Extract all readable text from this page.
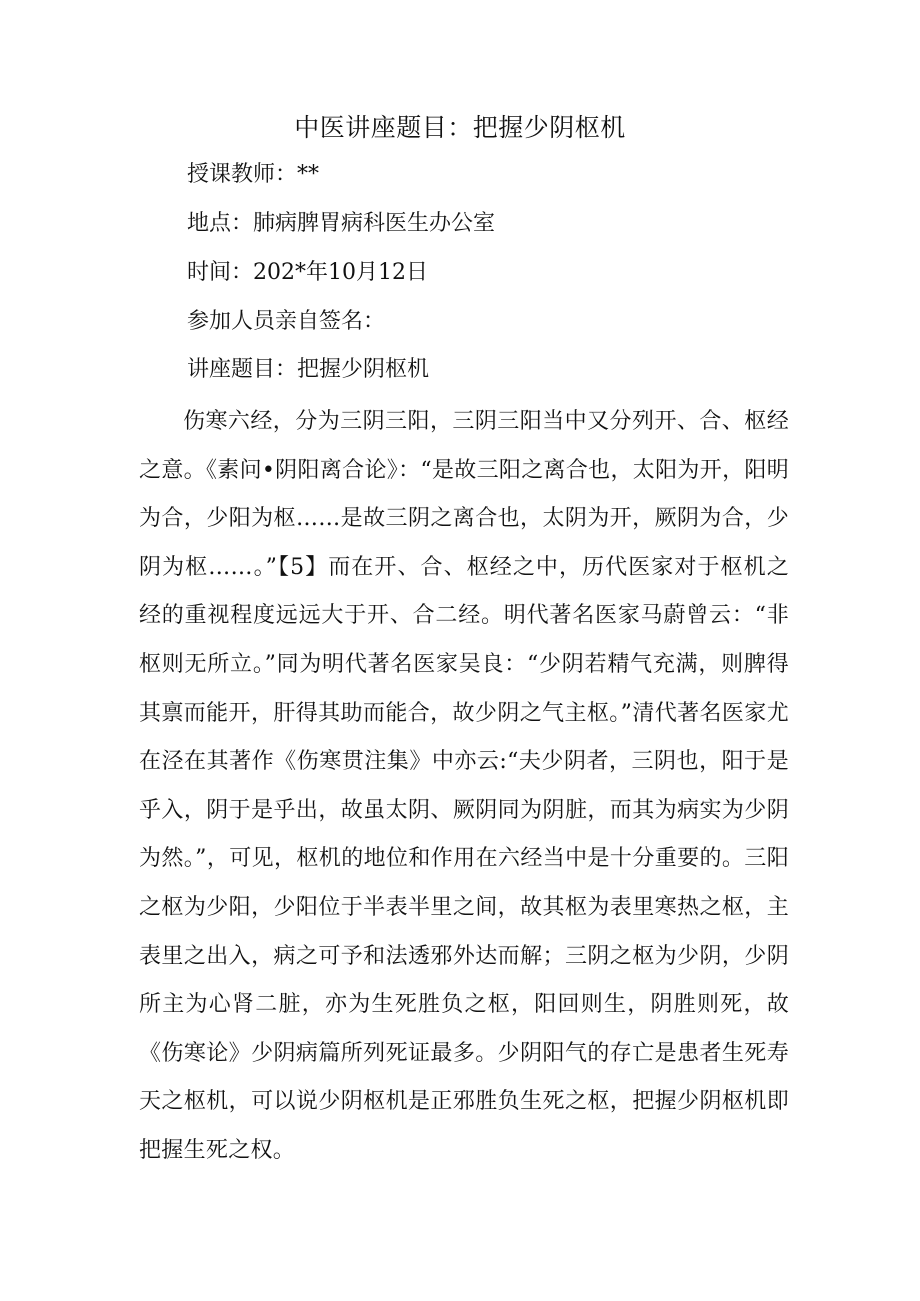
中医讲座题目：把握少阴枢机
授课教师：**
地点：肺病脾胃病科医生办公室
时间：202*年10月12日
参加人员亲自签名：
讲座题目：把握少阴枢机

伤寒六经，分为三阴三阳，三阴三阳当中又分列开、合、枢经之意。《素问•阴阳离合论》：“是故三阳之离合也，太阳为开，阳明为合，少阳为枢……是故三阴之离合也，太阴为开，厥阴为合，少阴为枢……。”【5】而在开、合、枢经之中，历代医家对于枢机之经的重视程度远远大于开、合二经。明代著名医家马蔚曾云：“非枢则无所立。”同为明代著名医家吴良：“少阴若精气充满，则脾得其禀而能开，肝得其助而能合，故少阴之气主枢。”清代著名医家尤在泾在其著作《伤寒贯注集》中亦云:“夫少阴者，三阴也，阳于是乎入，阴于是乎出，故虽太阴、厥阴同为阴脏，而其为病实为少阴为然。”，可见，枢机的地位和作用在六经当中是十分重要的。三阳之枢为少阳，少阳位于半表半里之间，故其枢为表里寒热之枢，主表里之出入，病之可予和法透邪外达而解；三阴之枢为少阴，少阴所主为心肾二脏，亦为生死胜负之枢，阳回则生，阴胜则死，故《伤寒论》少阴病篇所列死证最多。少阴阳气的存亡是患者生死寿天之枢机，可以说少阴枢机是正邪胜负生死之枢，把握少阴枢机即把握生死之权。
